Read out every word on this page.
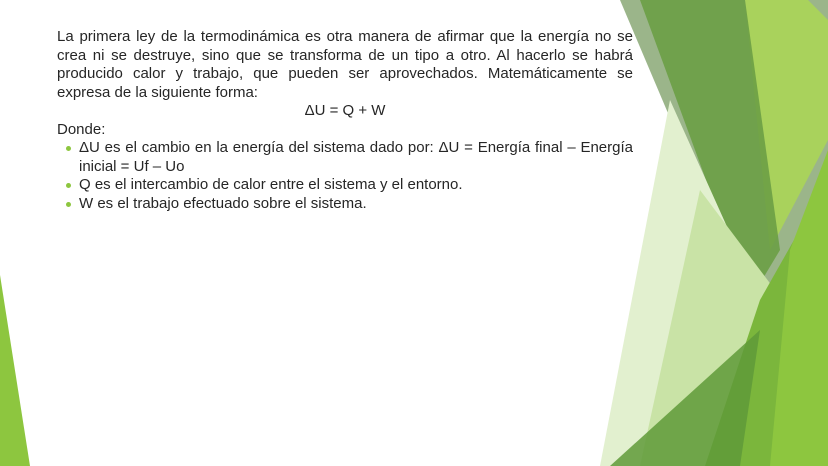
La primera ley de la termodinámica es otra manera de afirmar que la energía no se crea ni se destruye, sino que se transforma de un tipo a otro. Al hacerlo se habrá producido calor y trabajo, que pueden ser aprovechados. Matemáticamente se expresa de la siguiente forma:

ΔU = Q + W

Donde:

ΔU es el cambio en la energía del sistema dado por: ΔU = Energía final – Energía inicial = Uf – Uo
Q es el intercambio de calor entre el sistema y el entorno.
W es el trabajo efectuado sobre el sistema.
